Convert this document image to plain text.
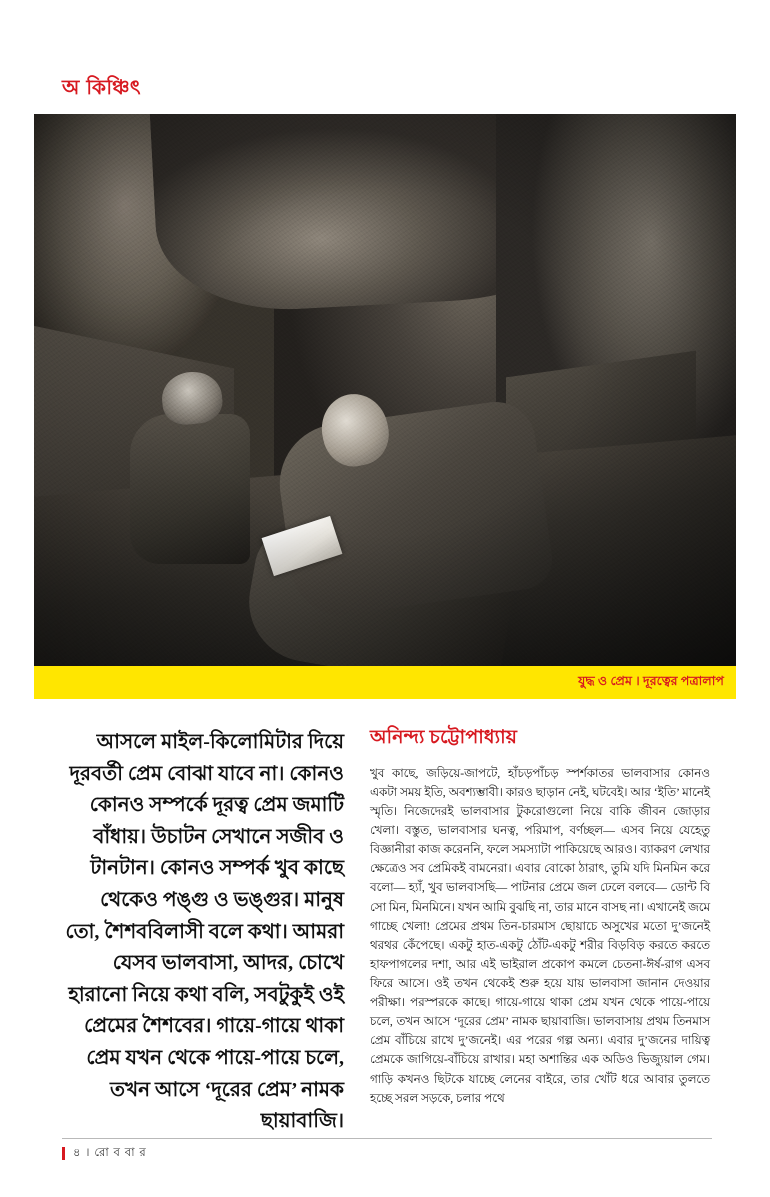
অ কিঞ্চিৎ
যুদ্ধ ও প্রেম । দূরত্বের পত্রালাপ
আসলে মাইল-কিলোমিটার দিয়ে দূরবর্তী প্রেম বোঝা যাবে না। কোনও কোনও সম্পর্কে দূরত্ব প্রেম জমাটি বাঁধায়। উচাটন সেখানে সজীব ও টানটান। কোনও সম্পর্ক খুব কাছে থেকেও পঙ্গু ও ভঙ্গুর। মানুষ তো, শৈশববিলাসী বলে কথা। আমরা যেসব ভালবাসা, আদর, চোখে হারানো নিয়ে কথা বলি, সবটুকুই ওই প্রেমের শৈশবের। গায়ে-গায়ে থাকা প্রেম যখন থেকে পায়ে-পায়ে চলে, তখন আসে ‘দূরের প্রেম’ নামক ছায়াবাজি।
অনিন্দ্য চট্টোপাধ্যায়

খুব কাছে, জড়িয়ে-জাপটে, হাঁচড়পাঁচড় স্পর্শকাতর ভালবাসার কোনও একটা সময় ইতি, অবশ্যম্ভাবী। কারও ছাড়ান নেই, ঘটবেই। আর ‘ইতি’ মানেই স্মৃতি। নিজেদেরই ভালবাসার টুকরোগুলো নিয়ে বাকি জীবন জোড়ার খেলা। বস্তুত, ভালবাসার ঘনত্ব, পরিমাপ, বর্ণচ্ছল— এসব নিয়ে যেহেতু বিজ্ঞানীরা কাজ করেননি, ফলে সমস্যাটা পাকিয়েছে আরও। ব্যাকরণ লেখার ক্ষেত্রেও সব প্রেমিকই বামনেরা। এবার বোকো ঠারাৎ, তুমি যদি মিনমিন করে বলো— হ্যাঁ, খুব ভালবাসছি— পাটনার প্রেমে জল ঢেলে বলবে— ডোন্ট বি সো মিন, মিনমিনে। যখন আমি বুঝছি না, তার মানে বাসছ না। এখানেই জমে গাচ্ছে খেলা! প্রেমের প্রথম তিন-চারমাস ছোয়াচে অসুখের মতো দু’জনেই থরথর কেঁপেছে। একটু হাত-একটু ঠোঁট-একটু শরীর বিড়বিড় করতে করতে হাফপাগলের দশা, আর এই ভাইরাল প্রকোপ কমলে চেতনা-ঈর্ষ-রাগ এসব ফিরে আসে। ওই তখন থেকেই শুরু হয়ে যায় ভালবাসা জানান দেওয়ার পরীক্ষা। পরস্পরকে কাছে। গায়ে-গায়ে থাকা প্রেম যখন থেকে পায়ে-পায়ে চলে, তখন আসে ‘দূরের প্রেম’ নামক ছায়াবাজি। ভালবাসায় প্রথম তিনমাস প্রেম বাঁচিয়ে রাখে দু’জনেই। এর পরের গল্প অন্য। এবার দু’জনের দায়িত্ব প্রেমকে জাগিয়ে-বাঁচিয়ে রাখার। মহা অশান্তির এক অডিও ভিজ্যুয়াল গেম। গাড়ি কখনও ছিটকে যাচ্ছে লেনের বাইরে, তার খোঁট ধরে আবার তুলতে হচ্ছে সরল সড়কে, চলার পথে

৪ । রো ব বা র
